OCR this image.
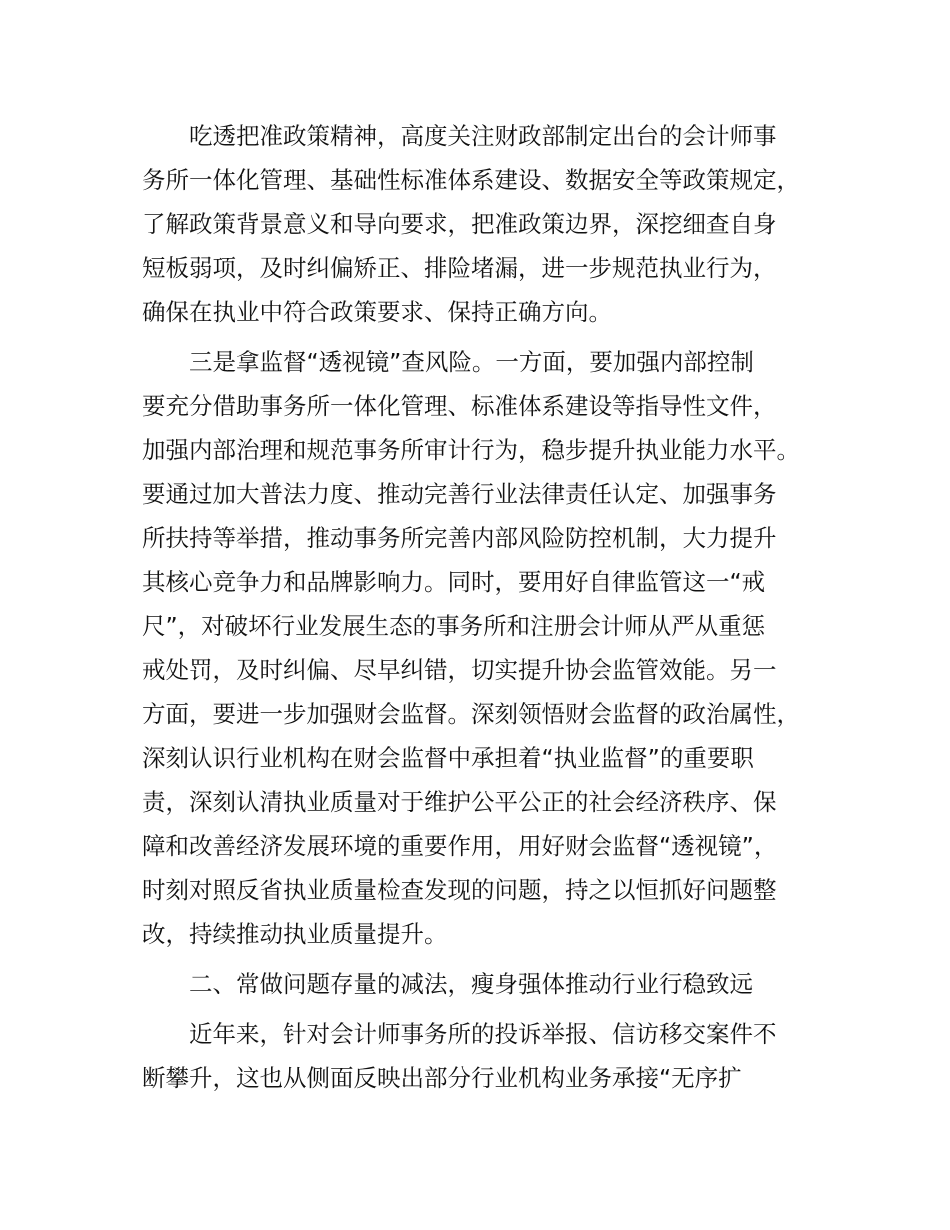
　　吃透把准政策精神，高度关注财政部制定出台的会计师事
务所一体化管理、基础性标准体系建设、数据安全等政策规定，
了解政策背景意义和导向要求，把准政策边界，深挖细查自身
短板弱项，及时纠偏矫正、排险堵漏，进一步规范执业行为，
确保在执业中符合政策要求、保持正确方向。
　　三是拿监督“透视镜”查风险。一方面，要加强内部控制
要充分借助事务所一体化管理、标准体系建设等指导性文件，
加强内部治理和规范事务所审计行为，稳步提升执业能力水平。
要通过加大普法力度、推动完善行业法律责任认定、加强事务
所扶持等举措，推动事务所完善内部风险防控机制，大力提升
其核心竞争力和品牌影响力。同时，要用好自律监管这一“戒
尺”，对破坏行业发展生态的事务所和注册会计师从严从重惩
戒处罚，及时纠偏、尽早纠错，切实提升协会监管效能。另一
方面，要进一步加强财会监督。深刻领悟财会监督的政治属性，
深刻认识行业机构在财会监督中承担着“执业监督”的重要职
责，深刻认清执业质量对于维护公平公正的社会经济秩序、保
障和改善经济发展环境的重要作用，用好财会监督“透视镜”，
时刻对照反省执业质量检查发现的问题，持之以恒抓好问题整
改，持续推动执业质量提升。
　　二、常做问题存量的减法，瘦身强体推动行业行稳致远
　　近年来，针对会计师事务所的投诉举报、信访移交案件不
断攀升，这也从侧面反映出部分行业机构业务承接“无序扩
